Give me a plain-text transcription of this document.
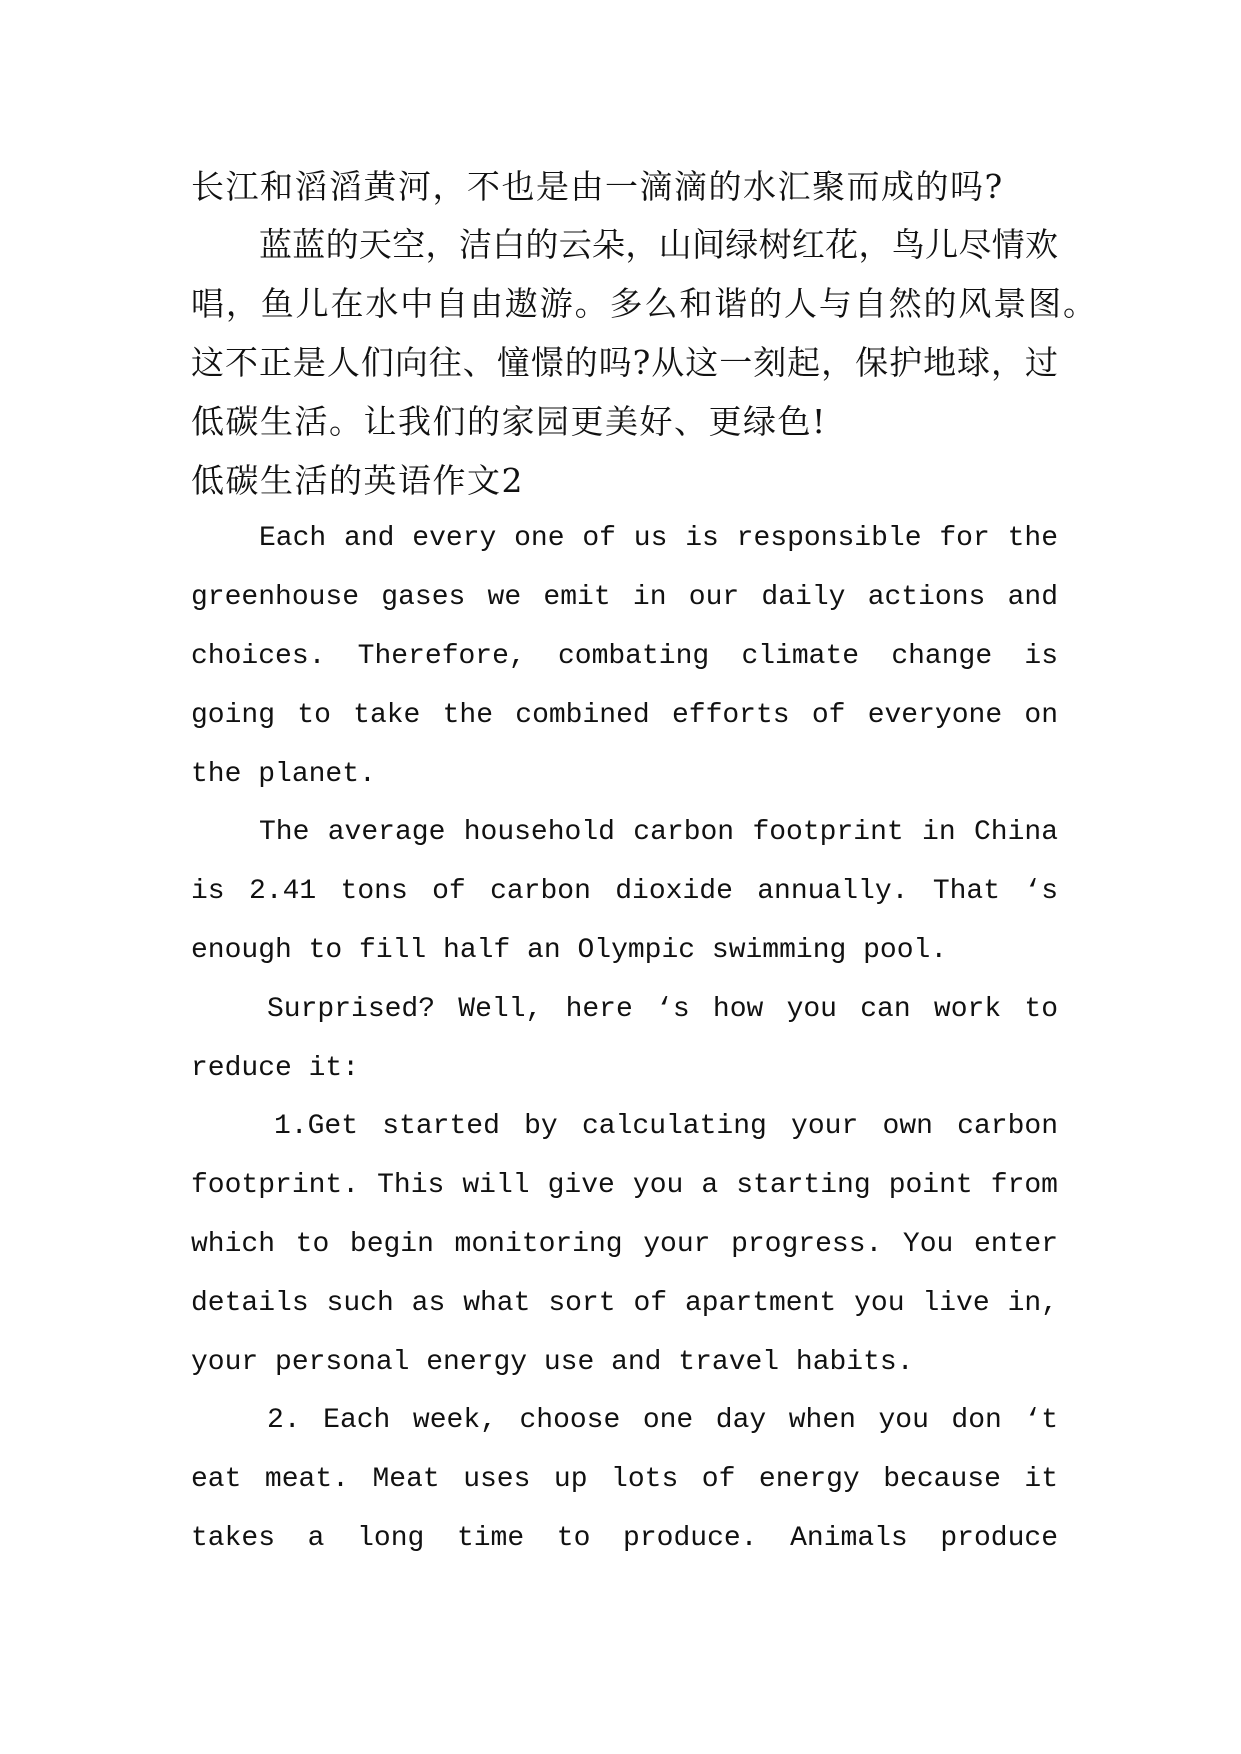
长江和滔滔黄河，不也是由一滴滴的水汇聚而成的吗?
蓝蓝的天空，洁白的云朵，山间绿树红花，鸟儿尽情欢
唱，鱼儿在水中自由遨游。多么和谐的人与自然的风景图。
这不正是人们向往、憧憬的吗?从这一刻起，保护地球，过
低碳生活。让我们的家园更美好、更绿色!
低碳生活的英语作文2
Each and every one of us is responsible for the
greenhouse gases we emit in our daily actions and
choices. Therefore, combating climate change is
going to take the combined efforts of everyone on
the planet.
The average household carbon footprint in China
is 2.41 tons of carbon dioxide annually. That ‘s
enough to fill half an Olympic swimming pool.
Surprised? Well, here ‘s how you can work to
reduce it:
1.Get started by calculating your own carbon
footprint. This will give you a starting point from
which to begin monitoring your progress. You enter
details such as what sort of apartment you live in,
your personal energy use and travel habits.
2. Each week, choose one day when you don ‘t
eat meat. Meat uses up lots of energy because it
takes a long time to produce. Animals produce
